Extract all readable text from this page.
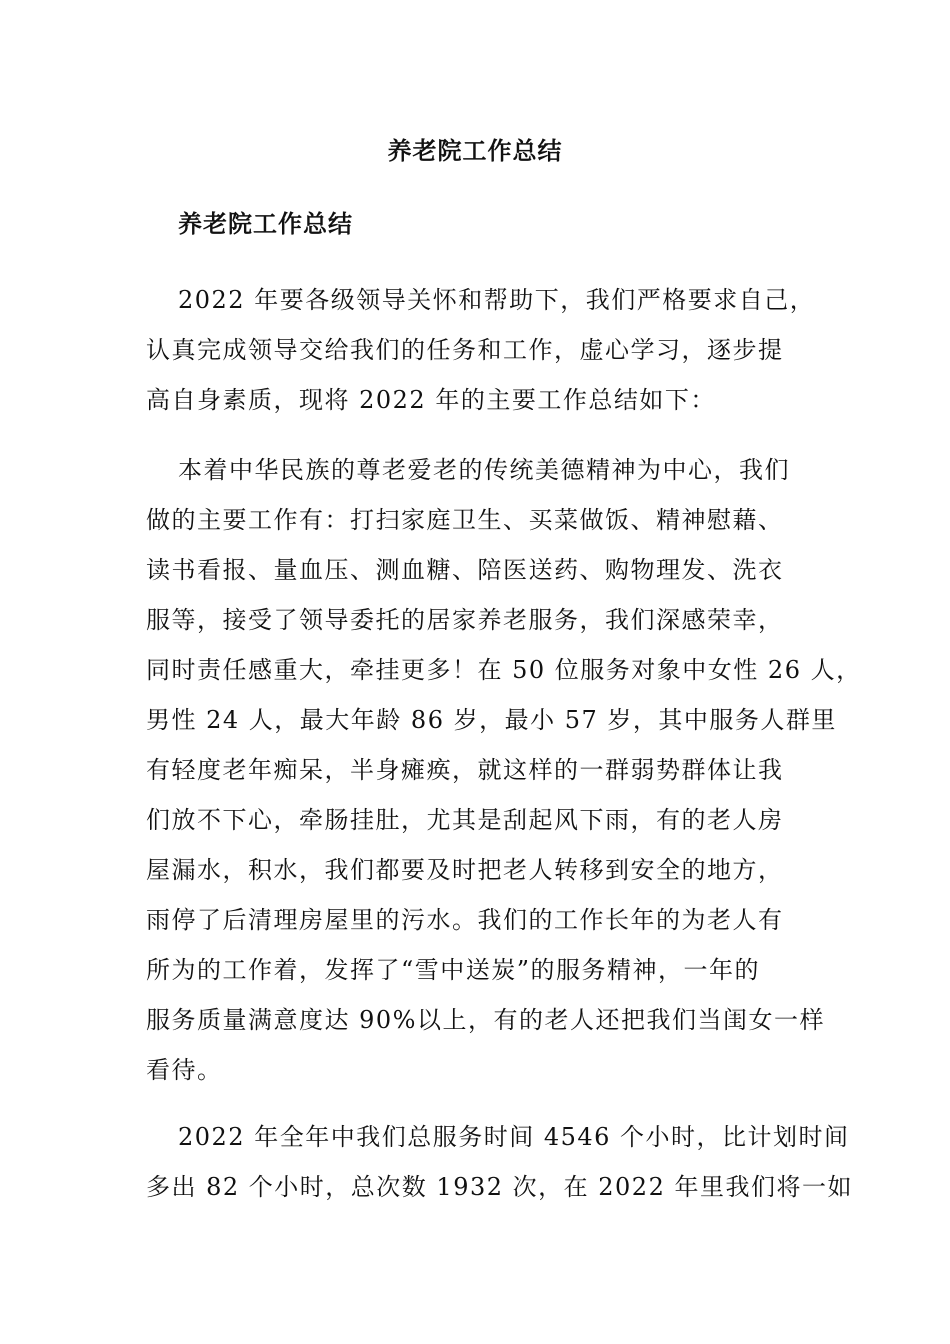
养老院工作总结
养老院工作总结
2022 年要各级领导关怀和帮助下，我们严格要求自己，
认真完成领导交给我们的任务和工作，虚心学习，逐步提
高自身素质，现将 2022 年的主要工作总结如下：
本着中华民族的尊老爱老的传统美德精神为中心，我们
做的主要工作有：打扫家庭卫生、买菜做饭、精神慰藉、
读书看报、量血压、测血糖、陪医送药、购物理发、洗衣
服等，接受了领导委托的居家养老服务，我们深感荣幸，
同时责任感重大，牵挂更多！在 50 位服务对象中女性 26 人，
男性 24 人，最大年龄 86 岁，最小 57 岁，其中服务人群里
有轻度老年痴呆，半身瘫痪，就这样的一群弱势群体让我
们放不下心，牵肠挂肚，尤其是刮起风下雨，有的老人房
屋漏水，积水，我们都要及时把老人转移到安全的地方，
雨停了后清理房屋里的污水。我们的工作长年的为老人有
所为的工作着，发挥了“雪中送炭”的服务精神，一年的
服务质量满意度达 90%以上，有的老人还把我们当闺女一样
看待。
2022 年全年中我们总服务时间 4546 个小时，比计划时间
多出 82 个小时，总次数 1932 次，在 2022 年里我们将一如
